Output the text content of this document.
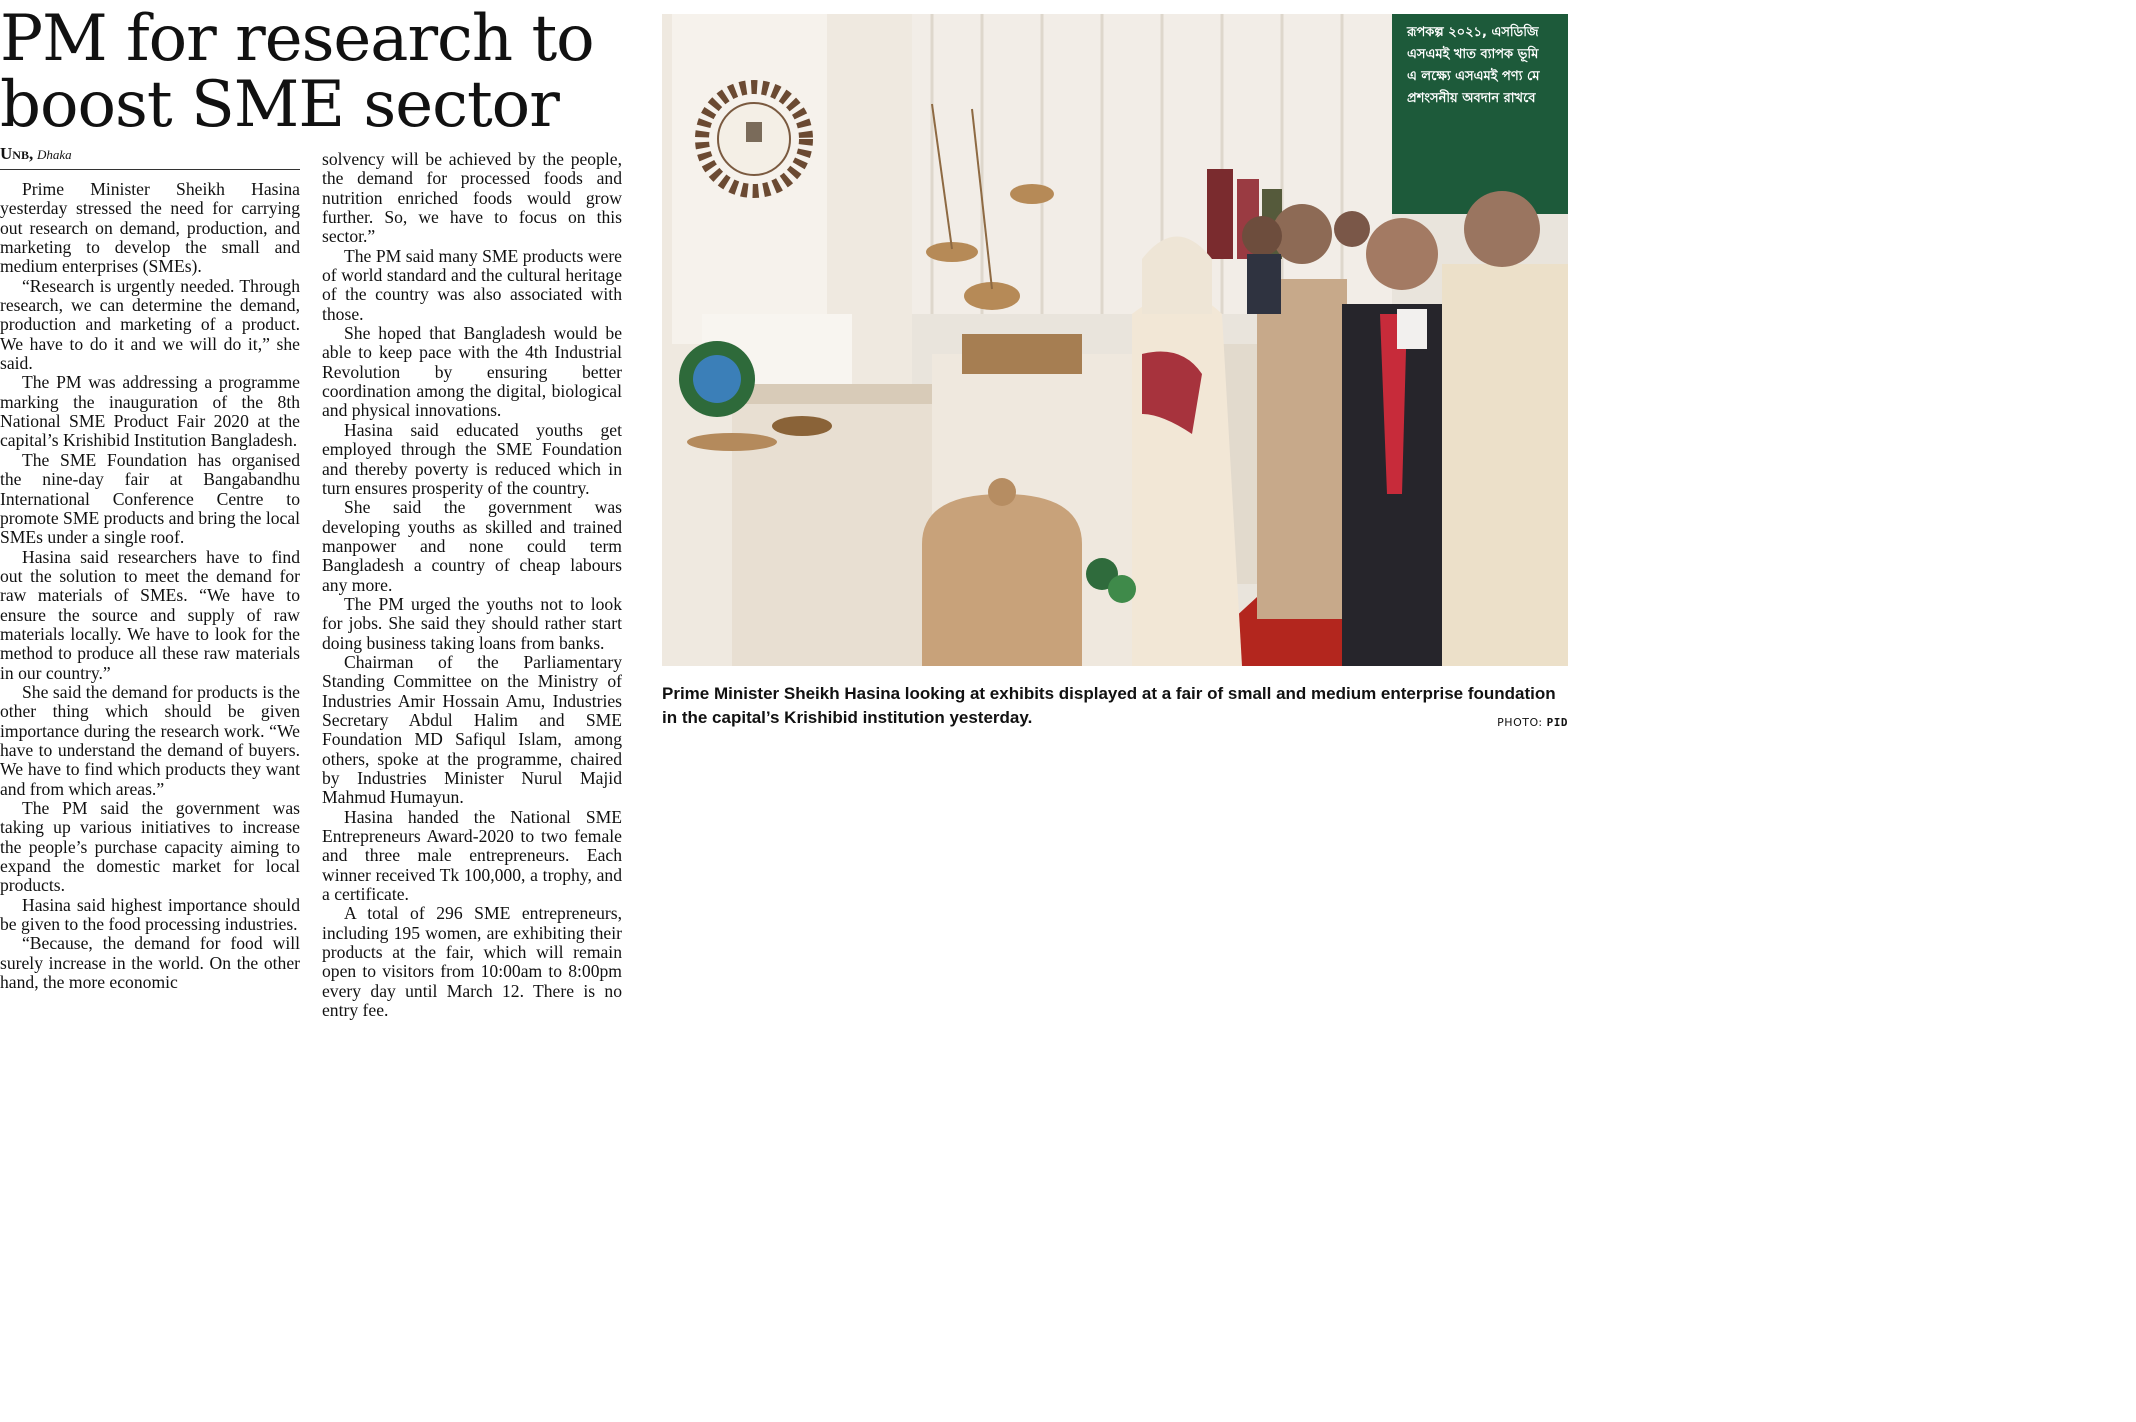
PM for research to
boost SME sector
Unb, Dhaka

Prime Minister Sheikh Hasina yesterday stressed the need for carrying out research on demand, production, and marketing to develop the small and medium enterprises (SMEs).

“Research is urgently needed. Through research, we can determine the demand, production and marketing of a product. We have to do it and we will do it,” she said.

The PM was addressing a programme marking the inauguration of the 8th National SME Product Fair 2020 at the capital’s Krishibid Institution Bangladesh.

The SME Foundation has organised the nine-day fair at Bangabandhu International Conference Centre to promote SME products and bring the local SMEs under a single roof.

Hasina said researchers have to find out the solution to meet the demand for raw materials of SMEs. “We have to ensure the source and supply of raw materials locally. We have to look for the method to produce all these raw materials in our country.”

She said the demand for products is the other thing which should be given importance during the research work. “We have to understand the demand of buyers. We have to find which products they want and from which areas.”

The PM said the government was taking up various initiatives to increase the people’s purchase capacity aiming to expand the domestic market for local products.

Hasina said highest importance should be given to the food processing industries.

“Because, the demand for food will surely increase in the world. On the other hand, the more economic

solvency will be achieved by the people, the demand for processed foods and nutrition enriched foods would grow further. So, we have to focus on this sector.”

The PM said many SME products were of world standard and the cultural heritage of the country was also associated with those.

She hoped that Bangladesh would be able to keep pace with the 4th Industrial Revolution by ensuring better coordination among the digital, biological and physical innovations.

Hasina said educated youths get employed through the SME Foundation and thereby poverty is reduced which in turn ensures prosperity of the country.

She said the government was developing youths as skilled and trained manpower and none could term Bangladesh a country of cheap labours any more.

The PM urged the youths not to look for jobs. She said they should rather start doing business taking loans from banks.

Chairman of the Parliamentary Standing Committee on the Ministry of Industries Amir Hossain Amu, Industries Secretary Abdul Halim and SME Foundation MD Safiqul Islam, among others, spoke at the programme, chaired by Industries Minister Nurul Majid Mahmud Humayun.

Hasina handed the National SME Entrepreneurs Award-2020 to two female and three male entrepreneurs. Each winner received Tk 100,000, a trophy, and a certificate.

A total of 296 SME entrepreneurs, including 195 women, are exhibiting their products at the fair, which will remain open to visitors from 10:00am to 8:00pm every day until March 12. There is no entry fee.

রূপকল্প ২০২১, এসডিজি
এসএমই খাত ব্যাপক ভূমি
এ লক্ষ্যে এসএমই পণ্য মে
প্রশংসনীয় অবদান রাখবে
Prime Minister Sheikh Hasina looking at exhibits displayed at a fair of small and medium enterprise foundation in the capital’s Krishibid institution yesterday.	PHOTO: PID
